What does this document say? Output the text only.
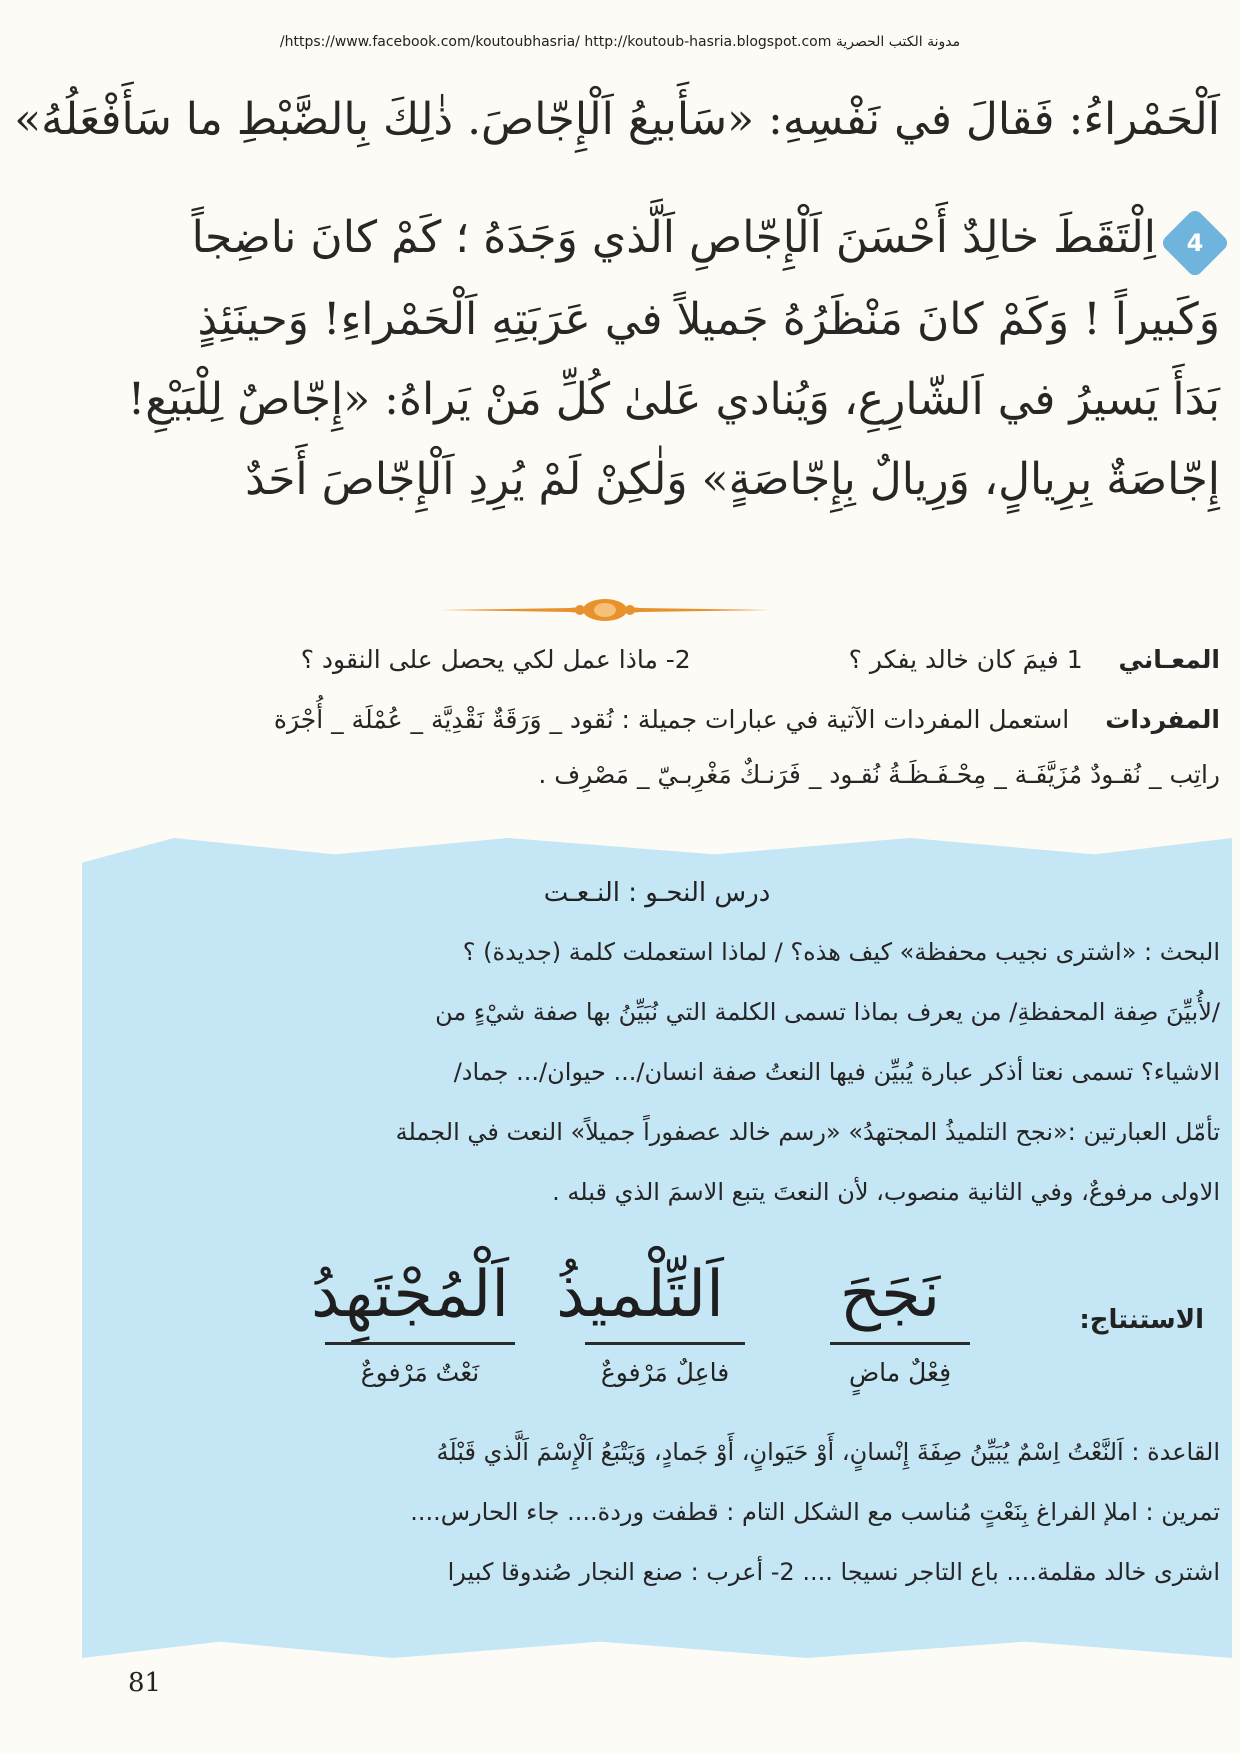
/https://www.facebook.com/koutoubhasria/ http://koutoub-hasria.blogspot.com مدونة الكتب الحصرية
اَلْحَمْراءُ: فَقالَ في نَفْسِهِ: «سَأَبيعُ اَلْإِجّاصَ. ذٰلِكَ بِالضَّبْطِ ما سَأَفْعَلُهُ»
اِلْتَقَطَ خالِدٌ أَحْسَنَ اَلْإِجّاصِ اَلَّذي وَجَدَهُ ؛ كَمْ كانَ ناضِجاً
وَكَبيراً ! وَكَمْ كانَ مَنْظَرُهُ جَميلاً في عَرَبَتِهِ اَلْحَمْراءِ! وَحينَئِذٍ
بَدَأَ يَسيرُ في اَلشّارِعِ، وَيُنادي عَلىٰ كُلِّ مَنْ يَراهُ: «إِجّاصٌ لِلْبَيْعِ!
إِجّاصَةٌ بِرِيالٍ، وَرِيالٌ بِإِجّاصَةٍ» وَلٰكِنْ لَمْ يُرِدِ اَلْإِجّاصَ أَحَدٌ
4
المعـاني 1 فيمَ كان خالد يفكر ؟ 2- ماذا عمل لكي يحصل على النقود ؟
المفردات استعمل المفردات الآتية في عبارات جميلة : نُقود _ وَرَقَةٌ نَقْدِيَّة _ عُمْلَة _ أُجْرَة
راتِب _ نُقـودٌ مُزَيَّفَـة _ مِحْـفَـظَـةُ نُقـود _ فَرَنـكٌ مَغْرِبـيّ _ مَصْرِف .
درس النحـو : النـعـت
البحث : «اشترى نجيب محفظة» كيف هذه؟ / لماذا استعملت كلمة (جديدة) ؟
/لأُبيِّنَ صِفة المحفظةِ/ من يعرف بماذا تسمى الكلمة التي نُبَيِّنُ بها صفة شيْءٍ من
الاشياء؟ تسمى نعتا أذكر عبارة يُبيِّن فيها النعتُ صفة انسان/... حيوان/... جماد/
تأمّل العبارتين :«نجح التلميذُ المجتهدُ» «رسم خالد عصفوراً جميلاً» النعت في الجملة
الاولى مرفوعٌ، وفي الثانية منصوب، لأن النعتَ يتبع الاسمَ الذي قبله .
الاستنتاج:
نَجَحَ
اَلتِّلْميذُ
اَلْمُجْتَهِدُ
فِعْلٌ ماضٍ
فاعِلٌ مَرْفوعٌ
نَعْتٌ مَرْفوعٌ
القاعدة : اَلنَّعْتُ اِسْمٌ يُبَيِّنُ صِفَةَ إِنْسانٍ، أَوْ حَيَوانٍ، أَوْ جَمادٍ، وَيَتْبَعُ اَلْإِسْمَ اَلَّذي قَبْلَهُ
تمرين : املإ الفراغ بِنَعْتٍ مُناسب مع الشكل التام : قطفت وردة.... جاء الحارس....
اشترى خالد مقلمة.... باع التاجر نسيجا .... 2- أعرب : صنع النجار صُندوقا كبيرا
81
